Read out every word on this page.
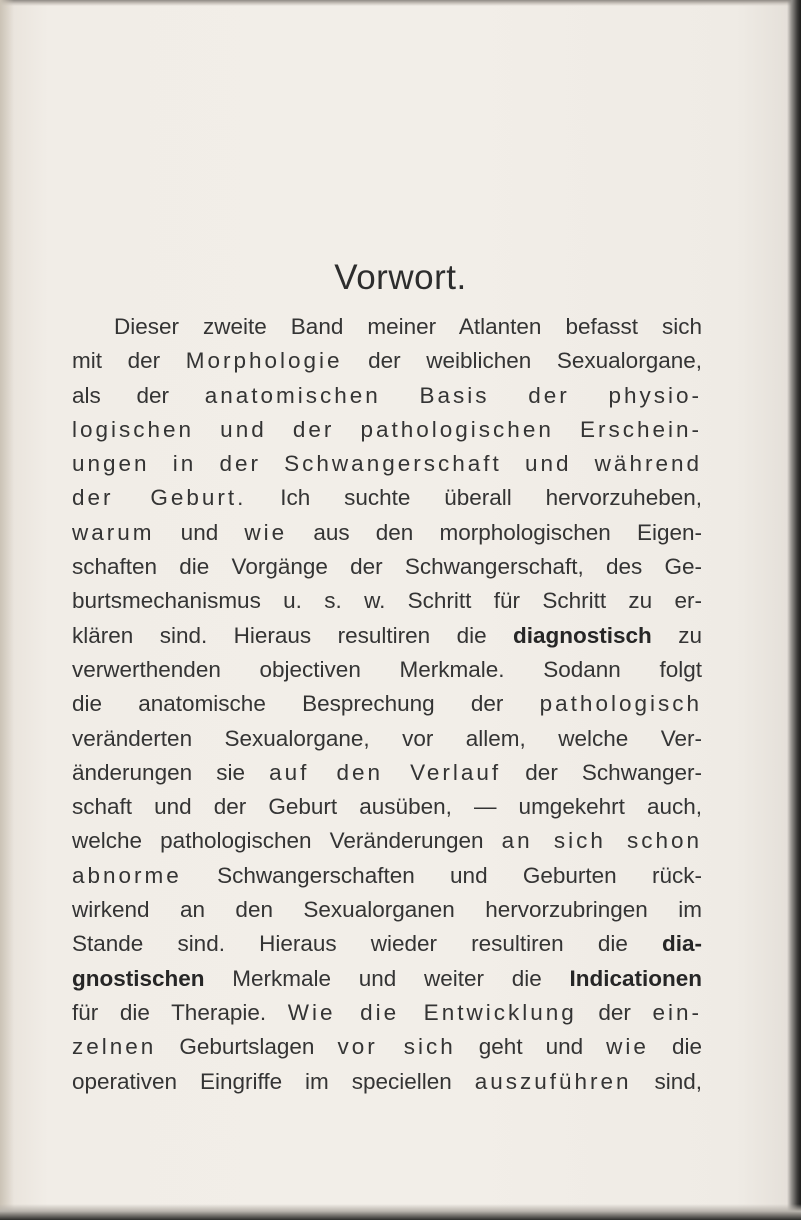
Vorwort.
Dieser zweite Band meiner Atlanten befasst sich
mit der Morphologie der weiblichen Sexualorgane,
als der anatomischen Basis der physio-
logischen und der pathologischen Erschein-
ungen in der Schwangerschaft und während
der Geburt. Ich suchte überall hervorzuheben,
warum und wie aus den morphologischen Eigen-
schaften die Vorgänge der Schwangerschaft, des Ge-
burtsmechanismus u. s. w. Schritt für Schritt zu er-
klären sind. Hieraus resultiren die diagnostisch zu
verwerthenden objectiven Merkmale. Sodann folgt
die anatomische Besprechung der pathologisch
veränderten Sexualorgane, vor allem, welche Ver-
änderungen sie auf den Verlauf der Schwanger-
schaft und der Geburt ausüben, — umgekehrt auch,
welche pathologischen Veränderungen an sich schon
abnorme Schwangerschaften und Geburten rück-
wirkend an den Sexualorganen hervorzubringen im
Stande sind. Hieraus wieder resultiren die dia-
gnostischen Merkmale und weiter die Indicationen
für die Therapie. Wie die Entwicklung der ein-
zelnen Geburtslagen vor sich geht und wie die
operativen Eingriffe im speciellen auszuführen sind,
